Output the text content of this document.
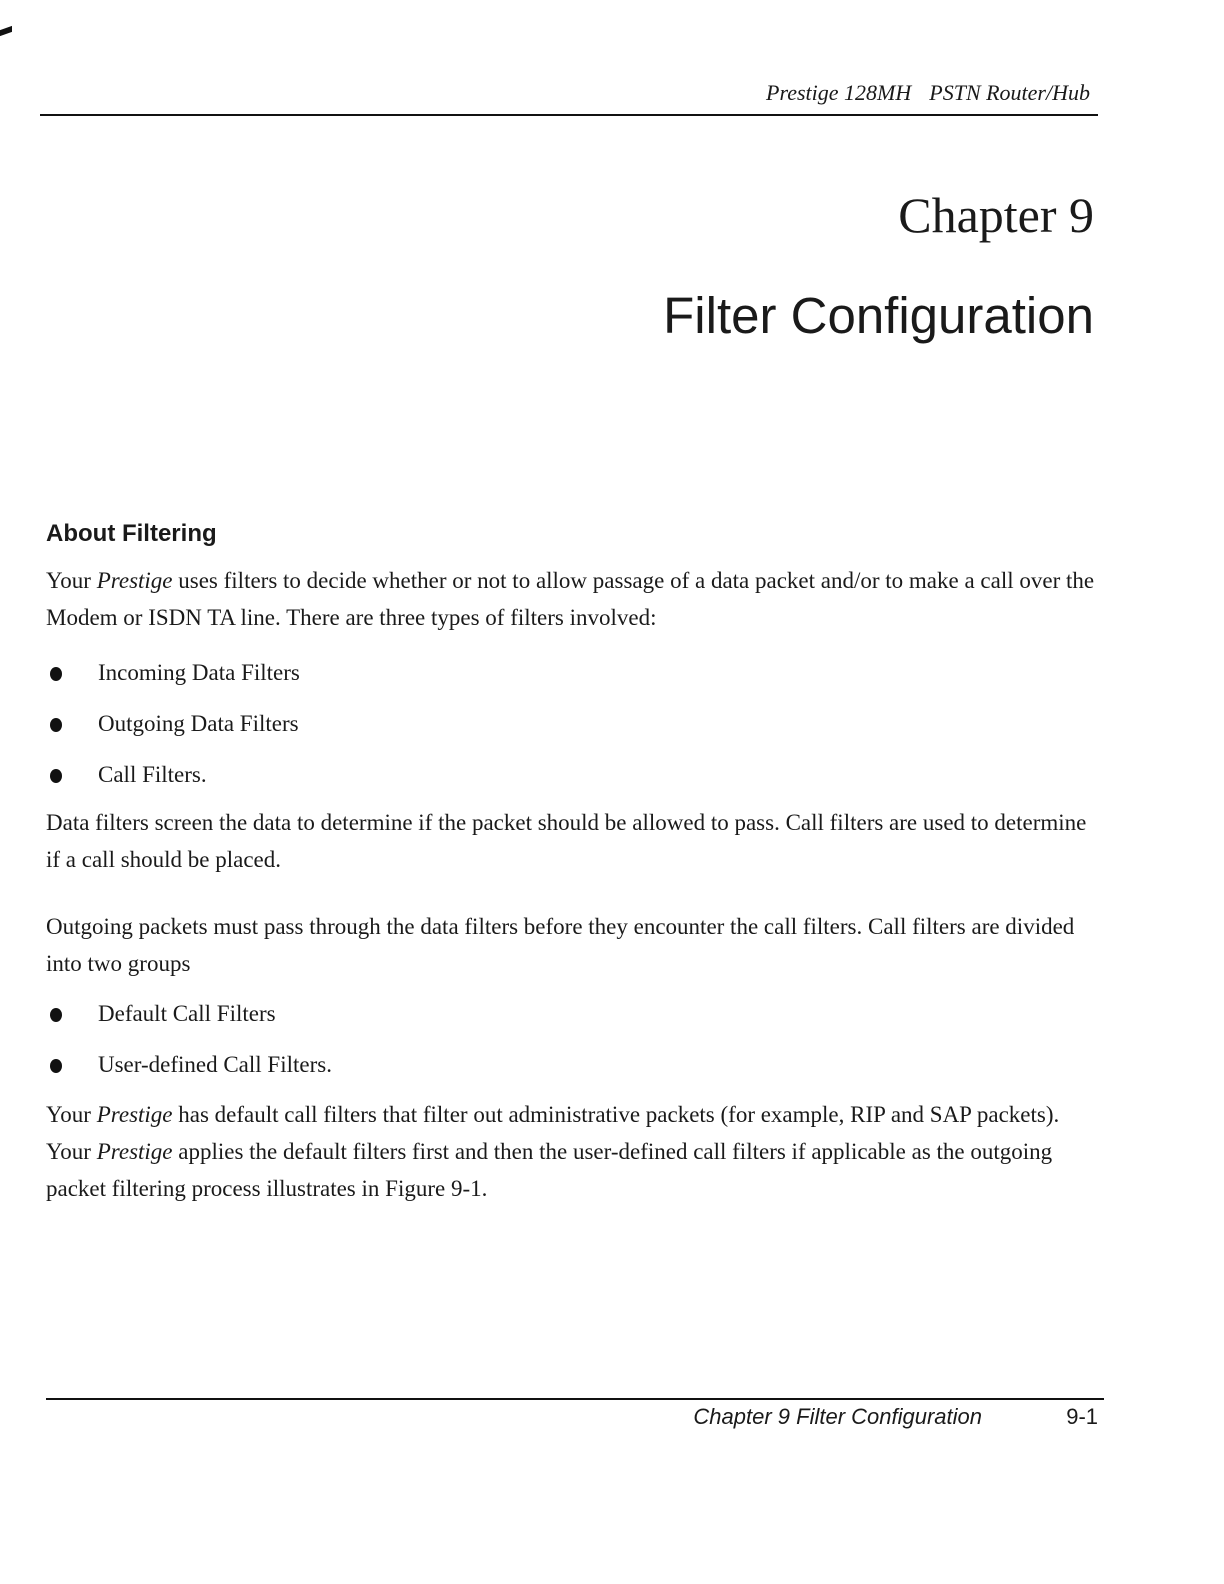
Prestige 128MH PSTN Router/Hub
Chapter 9
Filter Configuration
About Filtering

Your Prestige uses filters to decide whether or not to allow passage of a data packet and/or to make a call over the Modem or ISDN TA line. There are three types of filters involved:

Incoming Data Filters
Outgoing Data Filters
Call Filters.

Data filters screen the data to determine if the packet should be allowed to pass. Call filters are used to determine if a call should be placed.

Outgoing packets must pass through the data filters before they encounter the call filters. Call filters are divided into two groups

Default Call Filters
User-defined Call Filters.

Your Prestige has default call filters that filter out administrative packets (for example, RIP and SAP packets). Your Prestige applies the default filters first and then the user-defined call filters if applicable as the outgoing packet filtering process illustrates in Figure 9-1.

Chapter 9 Filter Configuration	9-1
